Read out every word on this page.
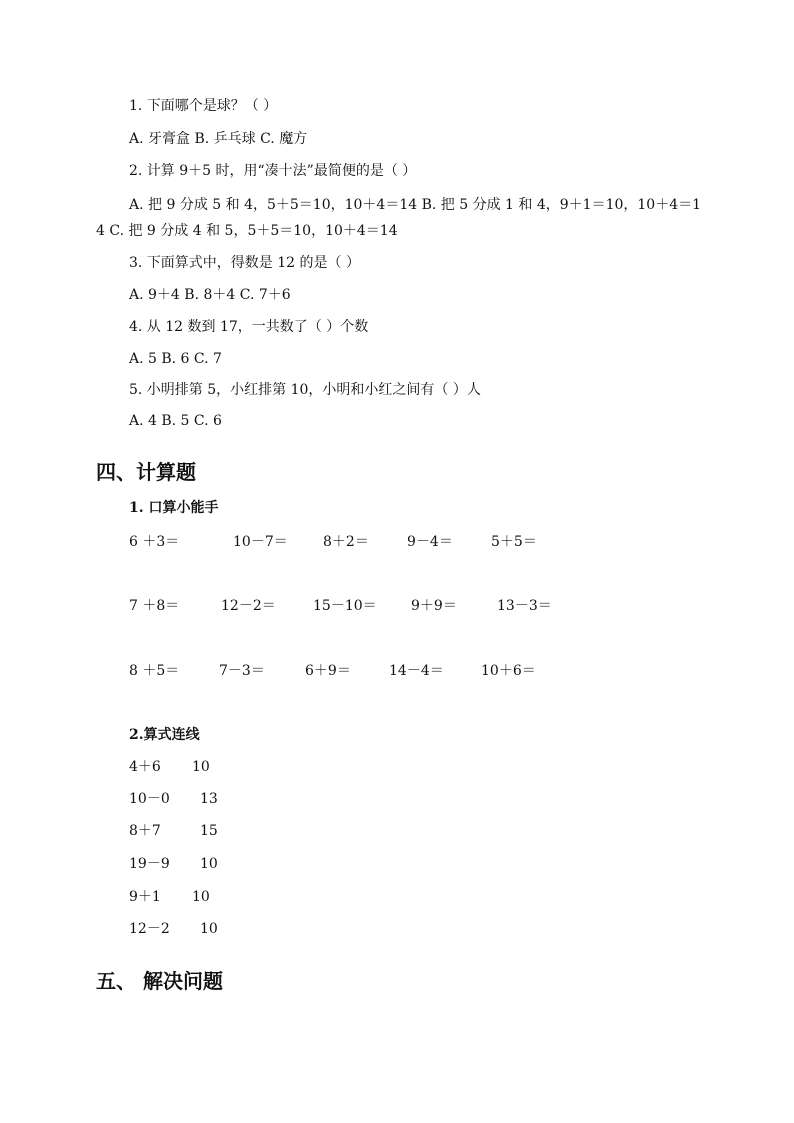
1. 下面哪个是球？（ ）
A. 牙膏盒 B. 乒乓球 C. 魔方
2. 计算 9＋5 时，用“凑十法”最简便的是（ ）
A. 把 9 分成 5 和 4，5＋5＝10，10＋4＝14 B. 把 5 分成 1 和 4，9＋1＝10，10＋4＝14 C. 把 9 分成 4 和 5，5＋5＝10，10＋4＝14
3. 下面算式中，得数是 12 的是（ ）
A. 9＋4 B. 8＋4 C. 7＋6
4. 从 12 数到 17，一共数了（ ）个数
A. 5 B. 6 C. 7
5. 小明排第 5，小红排第 10，小明和小红之间有（ ）人
A. 4 B. 5 C. 6
四、计算题
1. 口算小能手
6 ＋3＝	10－7＝	8＋2＝	9－4＝	5＋5＝
7 ＋8＝	12－2＝	15－10＝ 9＋9＝	13－3＝
8 ＋5＝	7－3＝	6＋9＝	14－4＝	10＋6＝
2.算式连线
4＋6 10
10－0 13
8＋7	15
19－9 10
9＋1 10
12－2 10
五、 解决问题
